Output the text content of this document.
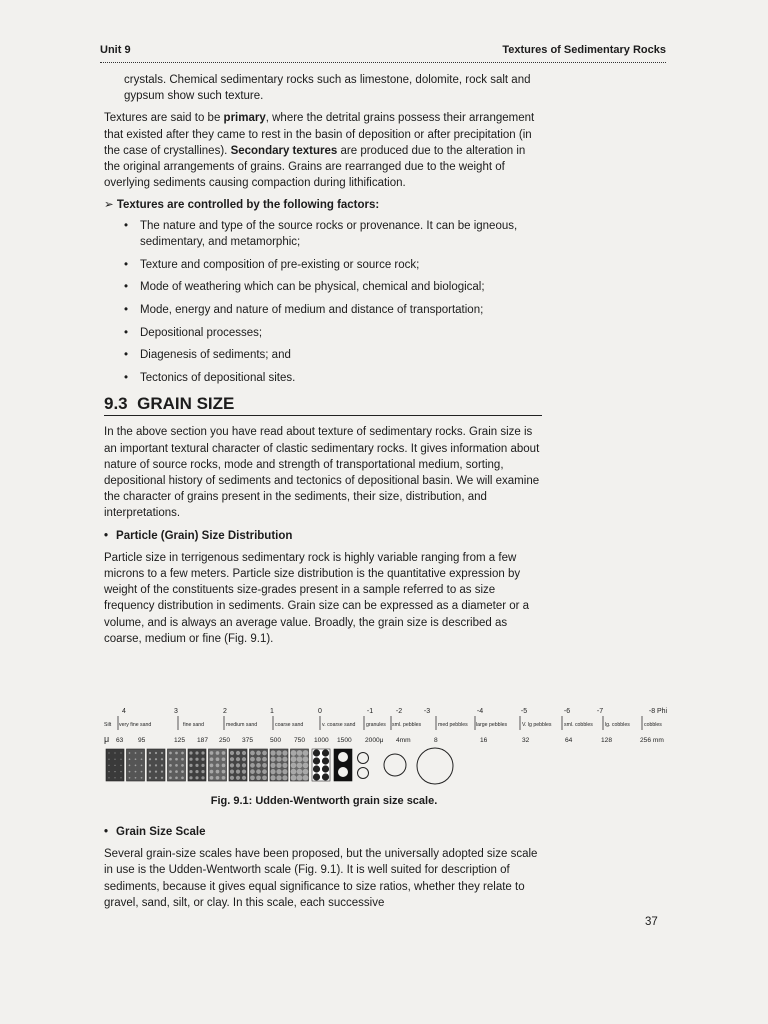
Unit 9	Textures of Sedimentary Rocks

crystals. Chemical sedimentary rocks such as limestone, dolomite, rock salt and gypsum show such texture.

Textures are said to be primary, where the detrital grains possess their arrangement that existed after they came to rest in the basin of deposition or after precipitation (in the case of crystallines). Secondary textures are produced due to the alteration in the original arrangements of grains. Grains are rearranged due to the weight of overlying sediments causing compaction during lithification.

➢ Textures are controlled by the following factors:
• The nature and type of the source rocks or provenance. It can be igneous, sedimentary, and metamorphic;
• Texture and composition of pre-existing or source rock;
• Mode of weathering which can be physical, chemical and biological;
• Mode, energy and nature of medium and distance of transportation;
• Depositional processes;
• Diagenesis of sediments; and
• Tectonics of depositional sites.
9.3 GRAIN SIZE

In the above section you have read about texture of sedimentary rocks. Grain size is an important textural character of clastic sedimentary rocks. It gives information about nature of source rocks, mode and strength of transportational medium, sorting, depositional history of sediments and tectonics of depositional basin. We will examine the character of grains present in the sediments, their size, distribution, and interpretations.

• Particle (Grain) Size Distribution

Particle size in terrigenous sedimentary rock is highly variable ranging from a few microns to a few meters. Particle size distribution is the quantitative expression by weight of the constituents size-grades present in a sample referred to as size frequency distribution in sediments. Grain size can be expressed as a diameter or a volume, and is always an average value. Broadly, the grain size is described as coarse, medium or fine (Fig. 9.1).

4	3	2	1	0	-1	-2	-3	-4	-5	-6	-7	-8 Phi
Silt very fine sand	fine sand	medium sand	coarse sand	v. coarse sand granules sml. pebbles	med pebbles large pebbles	V. lg pebbles sml. cobbles lg. cobbles	cobbles
μ 63 95	125 187 250 375	500 750 1000 1500 2000μ 4mm	8	16	32	64	128	256 mm
Fig. 9.1: Udden-Wentworth grain size scale.
• Grain Size Scale

Several grain-size scales have been proposed, but the universally adopted size scale in use is the Udden-Wentworth scale (Fig. 9.1). It is well suited for description of sediments, because it gives equal significance to size ratios, whether they relate to gravel, sand, silt, or clay. In this scale, each successive

37
